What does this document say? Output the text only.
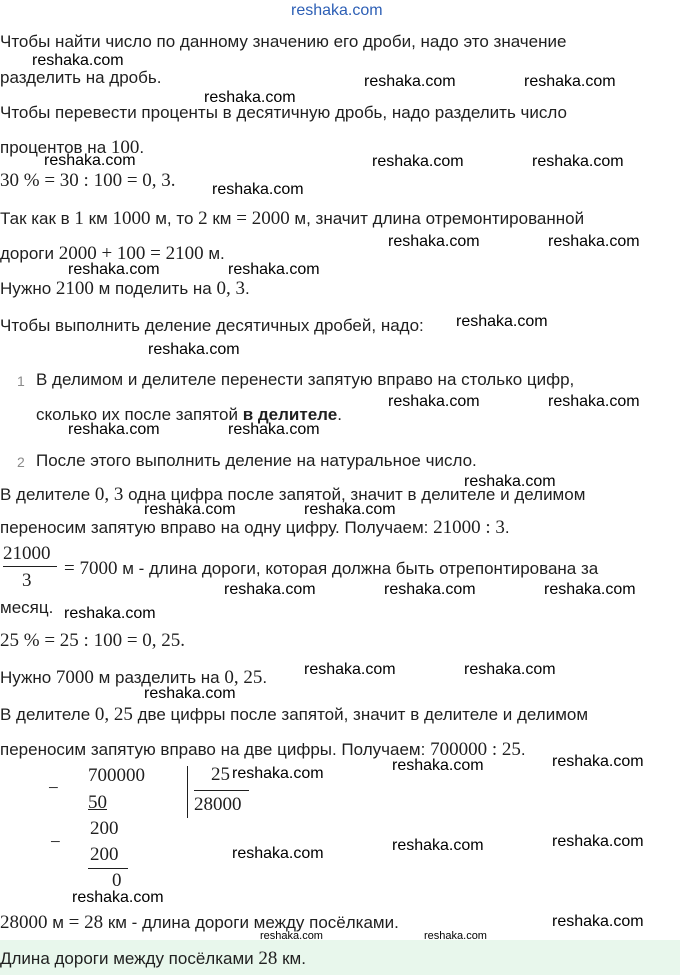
reshaka.com
Чтобы найти число по данному значению его дроби, надо это значение
разделить на дробь.
Чтобы перевести проценты в десятичную дробь, надо разделить число
процентов на 100.
30 % = 30 : 100 = 0, 3.
Так как в 1 км 1000 м, то 2 км = 2000 м, значит длина отремонтированной
дороги 2000 + 100 = 2100 м.
Нужно 2100 м поделить на 0, 3.
Чтобы выполнить деление десятичных дробей, надо:
1 В делимом и делителе перенести запятую вправо на столько цифр,
сколько их после запятой в делителе.
2 После этого выполнить деление на натуральное число.
В делителе 0, 3 одна цифра после запятой, значит в делителе и делимом
переносим запятую вправо на одну цифру. Получаем: 21000 : 3.
21000
3
= 7000 м - длина дороги, которая должна быть отрепонтирована за
месяц.
25 % = 25 : 100 = 0, 25.
Нужно 7000 м разделить на 0, 25.
В делителе 0, 25 две цифры после запятой, значит в делителе и делимом
переносим запятую вправо на две цифры. Получаем: 700000 : 25.
−
700000
50
25
28000
−
200
200
0
28000 м = 28 км - длина дороги между посёлками.
Длина дороги между посёлками 28 км.
reshaka.com
reshaka.com	reshaka.com
reshaka.com
reshaka.com	reshaka.com	reshaka.com
reshaka.com
reshaka.com	reshaka.com
reshaka.com	reshaka.com
reshaka.com
reshaka.com
reshaka.com	reshaka.com
reshaka.com	reshaka.com
reshaka.com
reshaka.com	reshaka.com
reshaka.com	reshaka.com	reshaka.com
reshaka.com
reshaka.com	reshaka.com
reshaka.com
reshaka.com	reshaka.com	reshaka.com
reshaka.com	reshaka.com	reshaka.com
reshaka.com
reshaka.com
reshaka.com	reshaka.com
